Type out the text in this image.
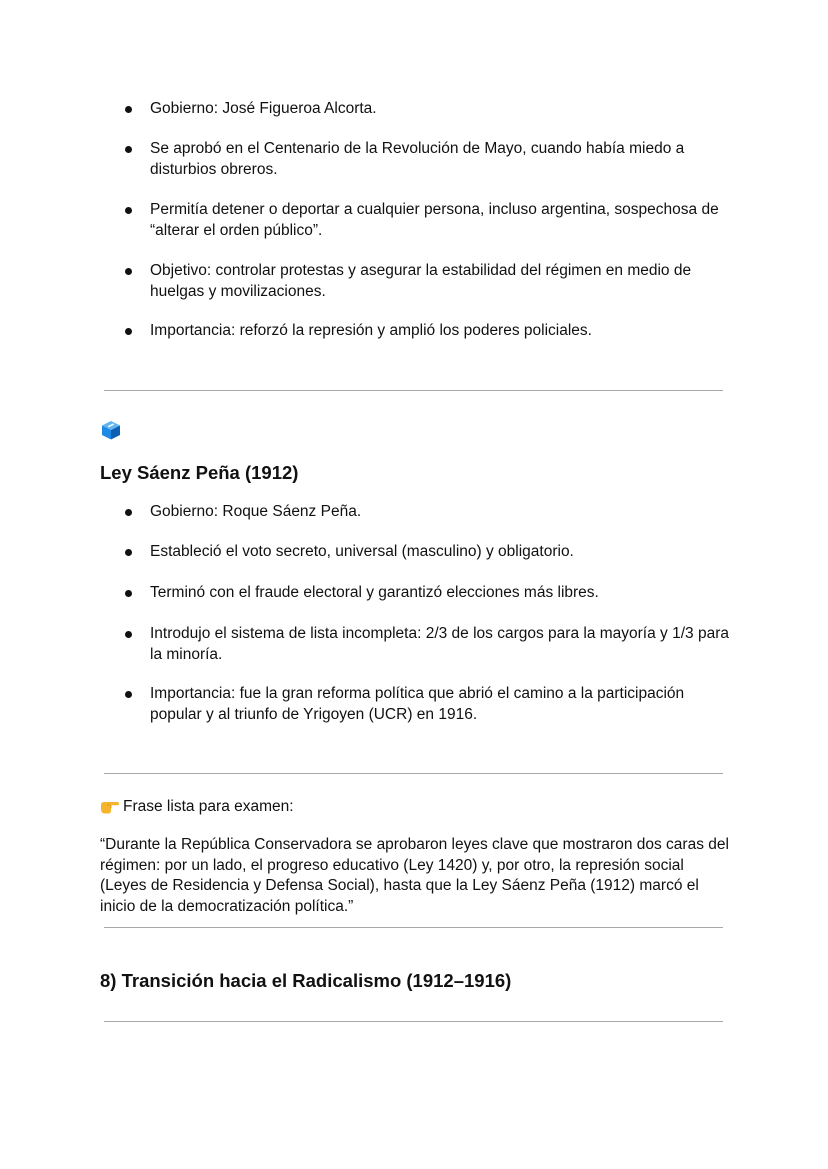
Gobierno: José Figueroa Alcorta.
Se aprobó en el Centenario de la Revolución de Mayo, cuando había miedo a disturbios obreros.
Permitía detener o deportar a cualquier persona, incluso argentina, sospechosa de “alterar el orden público”.
Objetivo: controlar protestas y asegurar la estabilidad del régimen en medio de huelgas y movilizaciones.
Importancia: reforzó la represión y amplió los poderes policiales.
Ley Sáenz Peña (1912)
Gobierno: Roque Sáenz Peña.
Estableció el voto secreto, universal (masculino) y obligatorio.
Terminó con el fraude electoral y garantizó elecciones más libres.
Introdujo el sistema de lista incompleta: 2/3 de los cargos para la mayoría y 1/3 para la minoría.
Importancia: fue la gran reforma política que abrió el camino a la participación popular y al triunfo de Yrigoyen (UCR) en 1916.
Frase lista para examen:
“Durante la República Conservadora se aprobaron leyes clave que mostraron dos caras del régimen: por un lado, el progreso educativo (Ley 1420) y, por otro, la represión social (Leyes de Residencia y Defensa Social), hasta que la Ley Sáenz Peña (1912) marcó el inicio de la democratización política.”
8) Transición hacia el Radicalismo (1912–1916)
